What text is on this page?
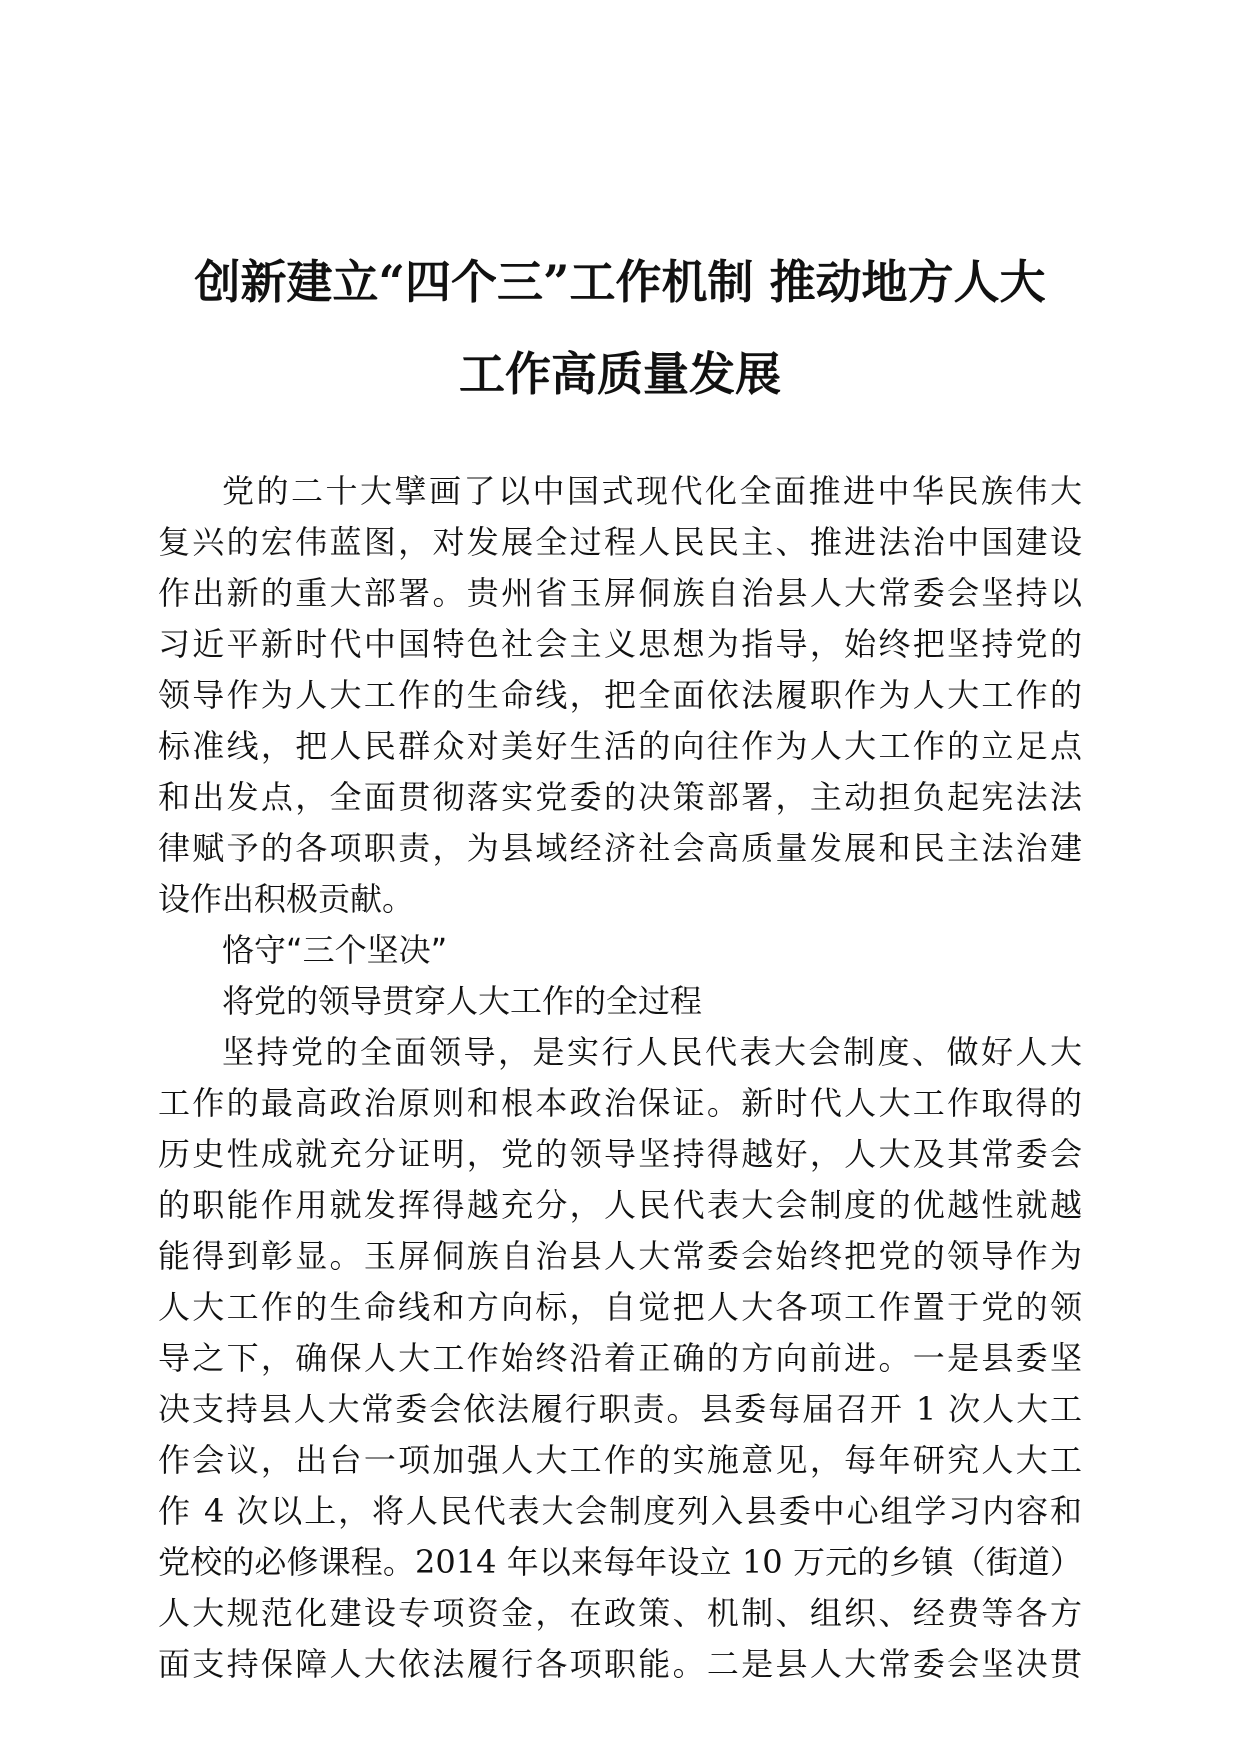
创新建立“四个三”工作机制 推动地方人大
工作高质量发展
党的二十大擘画了以中国式现代化全面推进中华民族伟大
复兴的宏伟蓝图，对发展全过程人民民主、推进法治中国建设
作出新的重大部署。贵州省玉屏侗族自治县人大常委会坚持以
习近平新时代中国特色社会主义思想为指导，始终把坚持党的
领导作为人大工作的生命线，把全面依法履职作为人大工作的
标准线，把人民群众对美好生活的向往作为人大工作的立足点
和出发点，全面贯彻落实党委的决策部署，主动担负起宪法法
律赋予的各项职责，为县域经济社会高质量发展和民主法治建
设作出积极贡献。
恪守“三个坚决”
将党的领导贯穿人大工作的全过程
坚持党的全面领导，是实行人民代表大会制度、做好人大
工作的最高政治原则和根本政治保证。新时代人大工作取得的
历史性成就充分证明，党的领导坚持得越好，人大及其常委会
的职能作用就发挥得越充分，人民代表大会制度的优越性就越
能得到彰显。玉屏侗族自治县人大常委会始终把党的领导作为
人大工作的生命线和方向标，自觉把人大各项工作置于党的领
导之下，确保人大工作始终沿着正确的方向前进。一是县委坚
决支持县人大常委会依法履行职责。县委每届召开 1 次人大工
作会议，出台一项加强人大工作的实施意见，每年研究人大工
作 4 次以上，将人民代表大会制度列入县委中心组学习内容和
党校的必修课程。2014 年以来每年设立 10 万元的乡镇（街道）
人大规范化建设专项资金，在政策、机制、组织、经费等各方
面支持保障人大依法履行各项职能。二是县人大常委会坚决贯
